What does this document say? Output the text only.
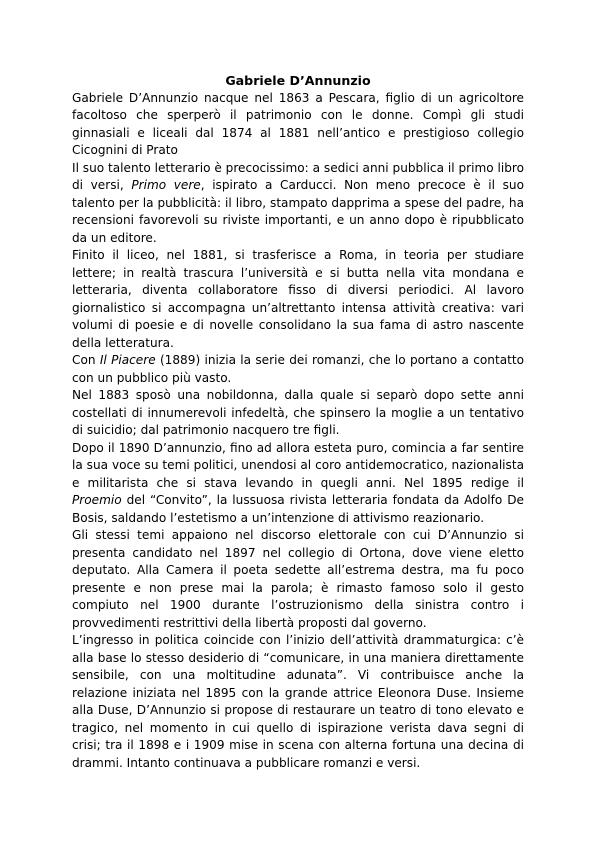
Gabriele D’Annunzio

Gabriele D’Annunzio nacque nel 1863 a Pescara, figlio di un agricoltore facoltoso che sperperò il patrimonio con le donne. Compì gli studi ginnasiali e liceali dal 1874 al 1881 nell’antico e prestigioso collegio Cicognini di Prato

Il suo talento letterario è precocissimo: a sedici anni pubblica il primo libro di versi, Primo vere, ispirato a Carducci. Non meno precoce è il suo talento per la pubblicità: il libro, stampato dapprima a spese del padre, ha recensioni favorevoli su riviste importanti, e un anno dopo è ripubblicato da un editore.

Finito il liceo, nel 1881, si trasferisce a Roma, in teoria per studiare lettere; in realtà trascura l’università e si butta nella vita mondana e letteraria, diventa collaboratore fisso di diversi periodici. Al lavoro giornalistico si accompagna un’altrettanto intensa attività creativa: vari volumi di poesie e di novelle consolidano la sua fama di astro nascente della letteratura.

Con Il Piacere (1889) inizia la serie dei romanzi, che lo portano a contatto con un pubblico più vasto.

Nel 1883 sposò una nobildonna, dalla quale si separò dopo sette anni costellati di innumerevoli infedeltà, che spinsero la moglie a un tentativo di suicidio; dal patrimonio nacquero tre figli.

Dopo il 1890 D’annunzio, fino ad allora esteta puro, comincia a far sentire la sua voce su temi politici, unendosi al coro antidemocratico, nazionalista e militarista che si stava levando in quegli anni. Nel 1895 redige il Proemio del “Convito”, la lussuosa rivista letteraria fondata da Adolfo De Bosis, saldando l’estetismo a un’intenzione di attivismo reazionario.

Gli stessi temi appaiono nel discorso elettorale con cui D’Annunzio si presenta candidato nel 1897 nel collegio di Ortona, dove viene eletto deputato. Alla Camera il poeta sedette all’estrema destra, ma fu poco presente e non prese mai la parola; è rimasto famoso solo il gesto compiuto nel 1900 durante l’ostruzionismo della sinistra contro i provvedimenti restrittivi della libertà proposti dal governo.

L’ingresso in politica coincide con l’inizio dell’attività drammaturgica: c’è alla base lo stesso desiderio di “comunicare, in una maniera direttamente sensibile, con una moltitudine adunata”. Vi contribuisce anche la relazione iniziata nel 1895 con la grande attrice Eleonora Duse. Insieme alla Duse, D’Annunzio si propose di restaurare un teatro di tono elevato e tragico, nel momento in cui quello di ispirazione verista dava segni di crisi; tra il 1898 e i 1909 mise in scena con alterna fortuna una decina di drammi. Intanto continuava a pubblicare romanzi e versi.
